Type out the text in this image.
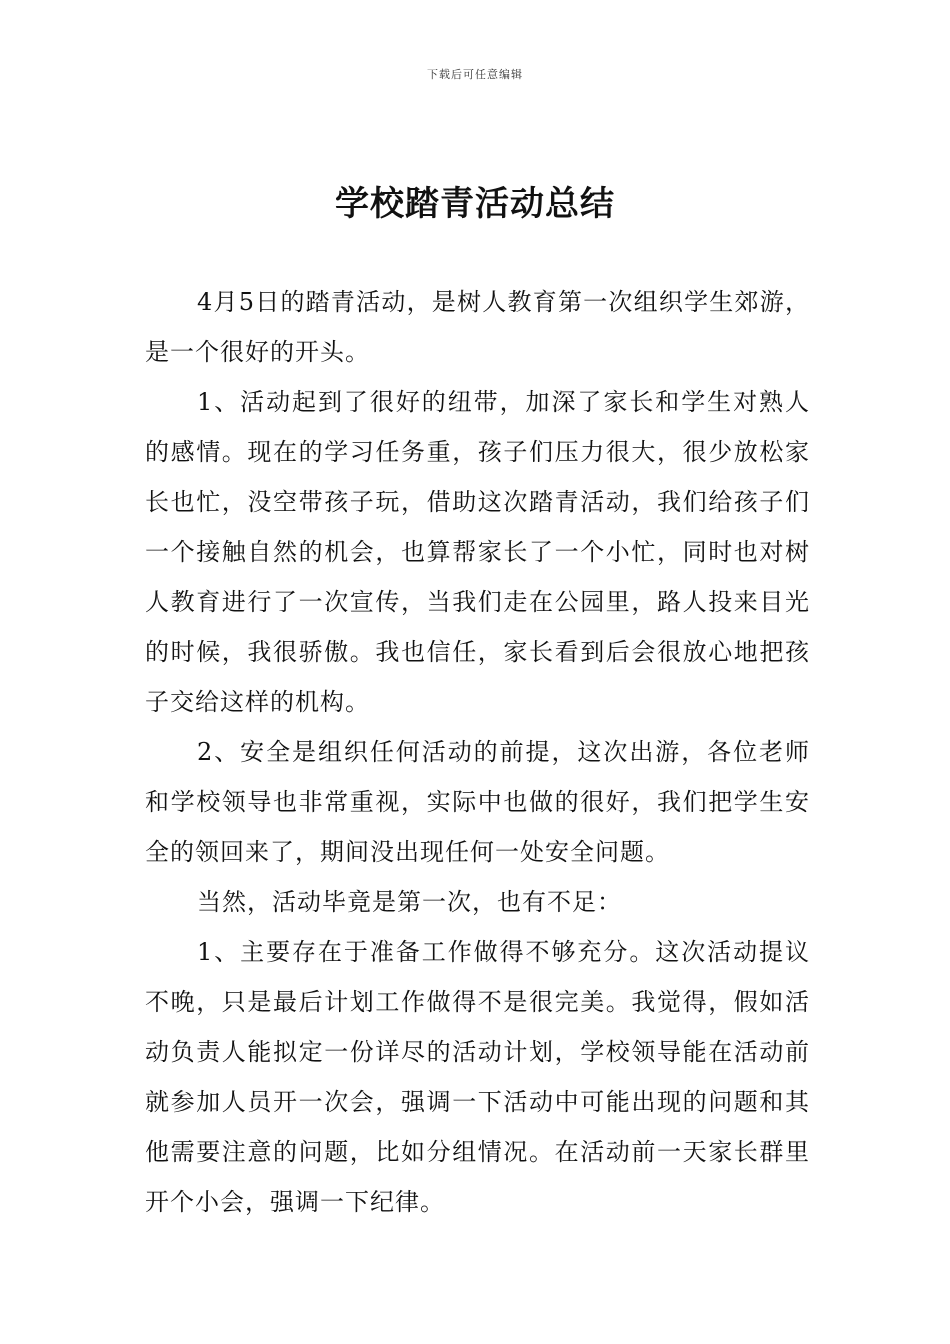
下载后可任意编辑
学校踏青活动总结

4月5日的踏青活动，是树人教育第一次组织学生郊游，是一个很好的开头。

1、活动起到了很好的纽带，加深了家长和学生对熟人的感情。现在的学习任务重，孩子们压力很大，很少放松家长也忙，没空带孩子玩，借助这次踏青活动，我们给孩子们一个接触自然的机会，也算帮家长了一个小忙，同时也对树人教育进行了一次宣传，当我们走在公园里，路人投来目光的时候，我很骄傲。我也信任，家长看到后会很放心地把孩子交给这样的机构。

2、安全是组织任何活动的前提，这次出游，各位老师和学校领导也非常重视，实际中也做的很好，我们把学生安全的领回来了，期间没出现任何一处安全问题。

当然，活动毕竟是第一次，也有不足：

1、主要存在于准备工作做得不够充分。这次活动提议不晚，只是最后计划工作做得不是很完美。我觉得，假如活动负责人能拟定一份详尽的活动计划，学校领导能在活动前就参加人员开一次会，强调一下活动中可能出现的问题和其他需要注意的问题，比如分组情况。在活动前一天家长群里开个小会，强调一下纪律。
